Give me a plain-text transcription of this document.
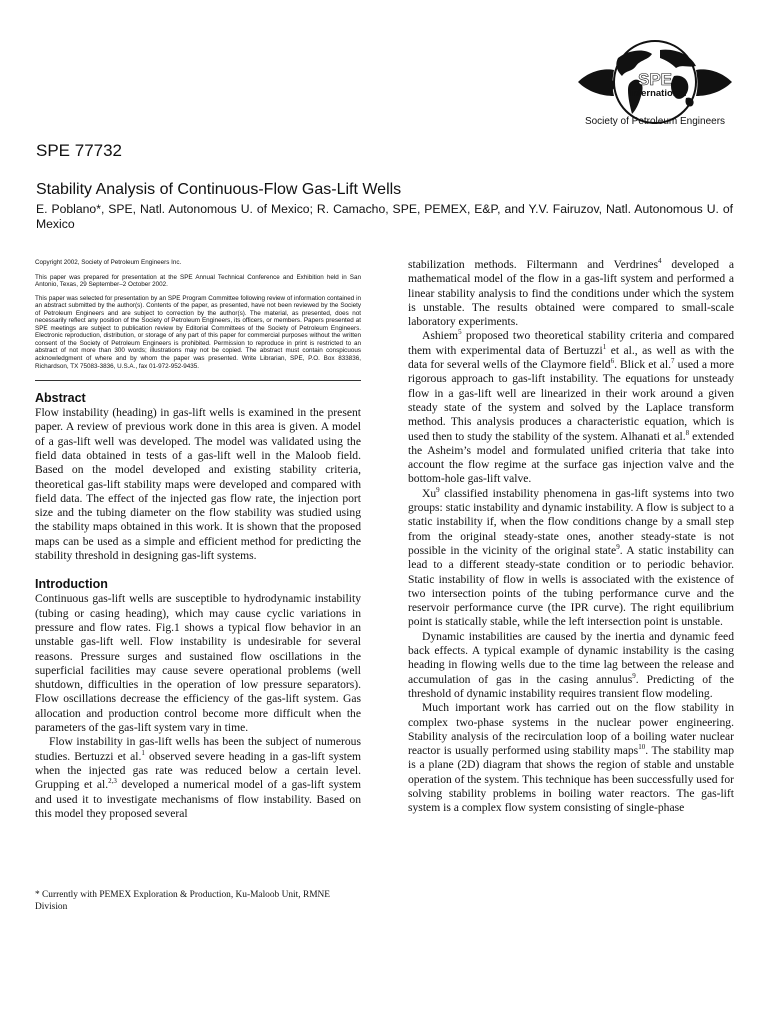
SPE
International
Society of Petroleum Engineers
SPE 77732
Stability Analysis of Continuous-Flow Gas-Lift Wells
E. Poblano*, SPE, Natl. Autonomous U. of Mexico; R. Camacho, SPE, PEMEX, E&P, and Y.V. Fairuzov, Natl. Autonomous U. of Mexico

Copyright 2002, Society of Petroleum Engineers Inc.

This paper was prepared for presentation at the SPE Annual Technical Conference and Exhibition held in San Antonio, Texas, 29 September–2 October 2002.

This paper was selected for presentation by an SPE Program Committee following review of information contained in an abstract submitted by the author(s). Contents of the paper, as presented, have not been reviewed by the Society of Petroleum Engineers and are subject to correction by the author(s). The material, as presented, does not necessarily reflect any position of the Society of Petroleum Engineers, its officers, or members. Papers presented at SPE meetings are subject to publication review by Editorial Committees of the Society of Petroleum Engineers. Electronic reproduction, distribution, or storage of any part of this paper for commercial purposes without the written consent of the Society of Petroleum Engineers is prohibited. Permission to reproduce in print is restricted to an abstract of not more than 300 words; illustrations may not be copied. The abstract must contain conspicuous acknowledgment of where and by whom the paper was presented. Write Librarian, SPE, P.O. Box 833836, Richardson, TX 75083-3836, U.S.A., fax 01-972-952-9435.

Abstract

Flow instability (heading) in gas-lift wells is examined in the present paper. A review of previous work done in this area is given. A model of a gas-lift well was developed. The model was validated using the field data obtained in tests of a gas-lift well in the Maloob field. Based on the model developed and existing stability criteria, theoretical gas-lift stability maps were developed and compared with field data. The effect of the injected gas flow rate, the injection port size and the tubing diameter on the flow stability was studied using the stability maps obtained in this work. It is shown that the proposed maps can be used as a simple and efficient method for predicting the stability threshold in designing gas-lift systems.

Introduction

Continuous gas-lift wells are susceptible to hydrodynamic instability (tubing or casing heading), which may cause cyclic variations in pressure and flow rates. Fig.1 shows a typical flow behavior in an unstable gas-lift well. Flow instability is undesirable for several reasons. Pressure surges and sustained flow oscillations in the superficial facilities may cause severe operational problems (well shutdown, difficulties in the operation of low pressure separators). Flow oscillations decrease the efficiency of the gas-lift system. Gas allocation and production control become more difficult when the parameters of the gas-lift system vary in time.

Flow instability in gas-lift wells has been the subject of numerous studies. Bertuzzi et al.$^1$ observed severe heading in a gas-lift system when the injected gas rate was reduced below a certain level. Grupping et al.$^{2,3}$ developed a numerical model of a gas-lift system and used it to investigate mechanisms of flow instability. Based on this model they proposed several

stabilization methods. Filtermann and Verdrines$^4$ developed a mathematical model of the flow in a gas-lift system and performed a linear stability analysis to find the conditions under which the system is unstable. The results obtained were compared to small-scale laboratory experiments.

Ashiem$^5$ proposed two theoretical stability criteria and compared them with experimental data of Bertuzzi$^1$ et al., as well as with the data for several wells of the Claymore field$^6$. Blick et al.$^7$ used a more rigorous approach to gas-lift instability. The equations for unsteady flow in a gas-lift well are linearized in their work around a given steady state of the system and solved by the Laplace transform method. This analysis produces a characteristic equation, which is used then to study the stability of the system. Alhanati et al.$^8$ extended the Asheim’s model and formulated unified criteria that take into account the flow regime at the surface gas injection valve and the bottom-hole gas-lift valve.

Xu$^9$ classified instability phenomena in gas-lift systems into two groups: static instability and dynamic instability. A flow is subject to a static instability if, when the flow conditions change by a small step from the original steady-state ones, another steady-state is not possible in the vicinity of the original state$^9$. A static instability can lead to a different steady-state condition or to periodic behavior. Static instability of flow in wells is associated with the existence of two intersection points of the tubing performance curve and the reservoir performance curve (the IPR curve). The right equilibrium point is statically stable, while the left intersection point is unstable.

Dynamic instabilities are caused by the inertia and dynamic feed back effects. A typical example of dynamic instability is the casing heading in flowing wells due to the time lag between the release and accumulation of gas in the casing annulus$^9$. Predicting of the threshold of dynamic instability requires transient flow modeling.

Much important work has carried out on the flow stability in complex two-phase systems in the nuclear power engineering. Stability analysis of the recirculation loop of a boiling water nuclear reactor is usually performed using stability maps$^{10}$. The stability map is a plane (2D) diagram that shows the region of stable and unstable operation of the system. This technique has been successfully used for solving stability problems in boiling water reactors. The gas-lift system is a complex flow system consisting of single-phase

* Currently with PEMEX Exploration & Production, Ku-Maloob Unit, RMNE Division
